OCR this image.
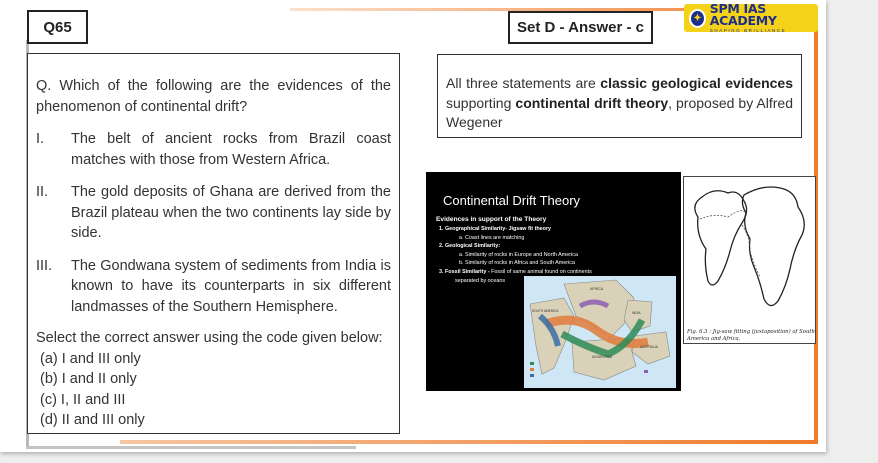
Q65	Set D - Answer - c
✦
SPM IAS ACADEMY
SHAPING BRILLIANCE
Q. Which of the following are the evidences of the phenomenon of continental drift?
I.	The belt of ancient rocks from Brazil coast matches with those from Western Africa.
II.	The gold deposits of Ghana are derived from the Brazil plateau when the two continents lay side by side.
III.	The Gondwana system of sediments from India is known to have its counterparts in six different landmasses of the Southern Hemisphere.
Select the correct answer using the code given below:
(a) I and III only
(b) I and II only
(c) I, II and III
(d) II and III only
All three statements are classic geological evidences supporting continental drift theory, proposed by Alfred Wegener
Continental Drift Theory
Evidences in support of the Theory
1. Geographical Similarity- Jigsaw fit theory
a. Coast lines are matching
2. Geological Similarity:
a. Similarity of rocks in Europe and North America
b. Similarity of rocks in Africa and South America
3. Fossil Similarity - Fossil of same animal found on continents
separated by oceans
AFRICA
SOUTH AMERICA	INDIA
AUSTRALIA
ANTARCTICA
Fig. 6.3 : Jig-saw fitting (juxtaposition) of South America and Africa.
